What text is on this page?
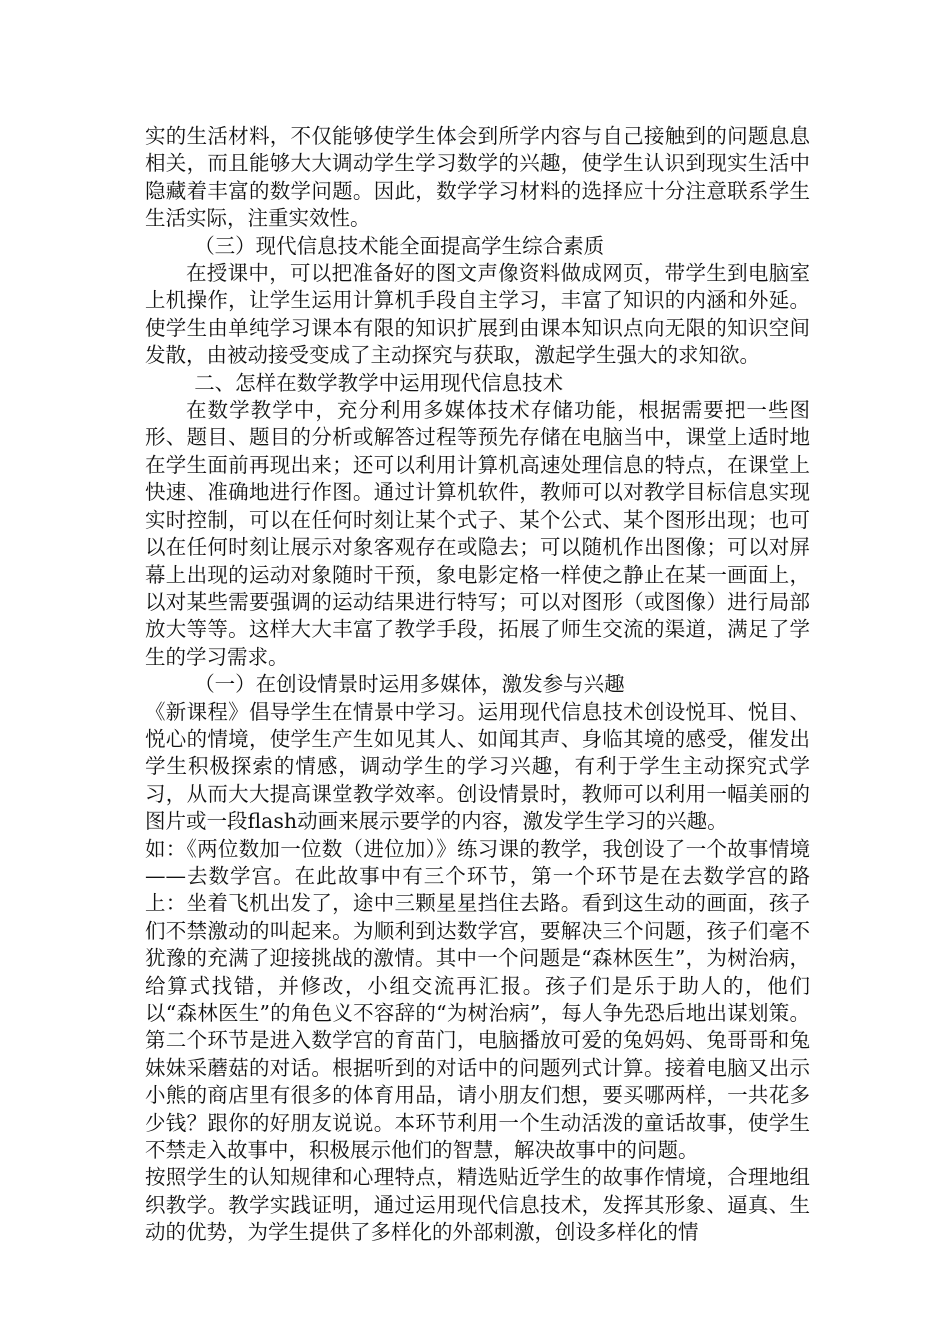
实的生活材料，不仅能够使学生体会到所学内容与自己接触到的问题息息相关，而且能够大大调动学生学习数学的兴趣，使学生认识到现实生活中隐藏着丰富的数学问题。因此，数学学习材料的选择应十分注意联系学生生活实际，注重实效性。

（三）现代信息技术能全面提高学生综合素质

在授课中，可以把准备好的图文声像资料做成网页，带学生到电脑室上机操作，让学生运用计算机手段自主学习，丰富了知识的内涵和外延。使学生由单纯学习课本有限的知识扩展到由课本知识点向无限的知识空间发散，由被动接受变成了主动探究与获取，激起学生强大的求知欲。

二、怎样在数学教学中运用现代信息技术

在数学教学中，充分利用多媒体技术存储功能，根据需要把一些图形、题目、题目的分析或解答过程等预先存储在电脑当中，课堂上适时地在学生面前再现出来；还可以利用计算机高速处理信息的特点，在课堂上快速、准确地进行作图。通过计算机软件，教师可以对教学目标信息实现实时控制，可以在任何时刻让某个式子、某个公式、某个图形出现；也可以在任何时刻让展示对象客观存在或隐去；可以随机作出图像；可以对屏幕上出现的运动对象随时干预，象电影定格一样使之静止在某一画面上，以对某些需要强调的运动结果进行特写；可以对图形（或图像）进行局部放大等等。这样大大丰富了教学手段，拓展了师生交流的渠道，满足了学生的学习需求。

（一）在创设情景时运用多媒体，激发参与兴趣

《新课程》倡导学生在情景中学习。运用现代信息技术创设悦耳、悦目、悦心的情境，使学生产生如见其人、如闻其声、身临其境的感受，催发出学生积极探索的情感，调动学生的学习兴趣，有利于学生主动探究式学习，从而大大提高课堂教学效率。创设情景时，教师可以利用一幅美丽的图片或一段flash动画来展示要学的内容，激发学生学习的兴趣。

如：《两位数加一位数（进位加）》练习课的教学，我创设了一个故事情境——去数学宫。在此故事中有三个环节，第一个环节是在去数学宫的路上：坐着飞机出发了，途中三颗星星挡住去路。看到这生动的画面，孩子们不禁激动的叫起来。为顺利到达数学宫，要解决三个问题，孩子们毫不犹豫的充满了迎接挑战的激情。其中一个问题是“森林医生”，为树治病，给算式找错，并修改，小组交流再汇报。孩子们是乐于助人的，他们以“森林医生”的角色义不容辞的“为树治病”，每人争先恐后地出谋划策。第二个环节是进入数学宫的育苗门，电脑播放可爱的兔妈妈、兔哥哥和兔妹妹采蘑菇的对话。根据听到的对话中的问题列式计算。接着电脑又出示小熊的商店里有很多的体育用品，请小朋友们想，要买哪两样，一共花多少钱？跟你的好朋友说说。本环节利用一个生动活泼的童话故事，使学生不禁走入故事中，积极展示他们的智慧，解决故事中的问题。

按照学生的认知规律和心理特点，精选贴近学生的故事作情境，合理地组织教学。教学实践证明，通过运用现代信息技术，发挥其形象、逼真、生动的优势，为学生提供了多样化的外部刺激，创设多样化的情
